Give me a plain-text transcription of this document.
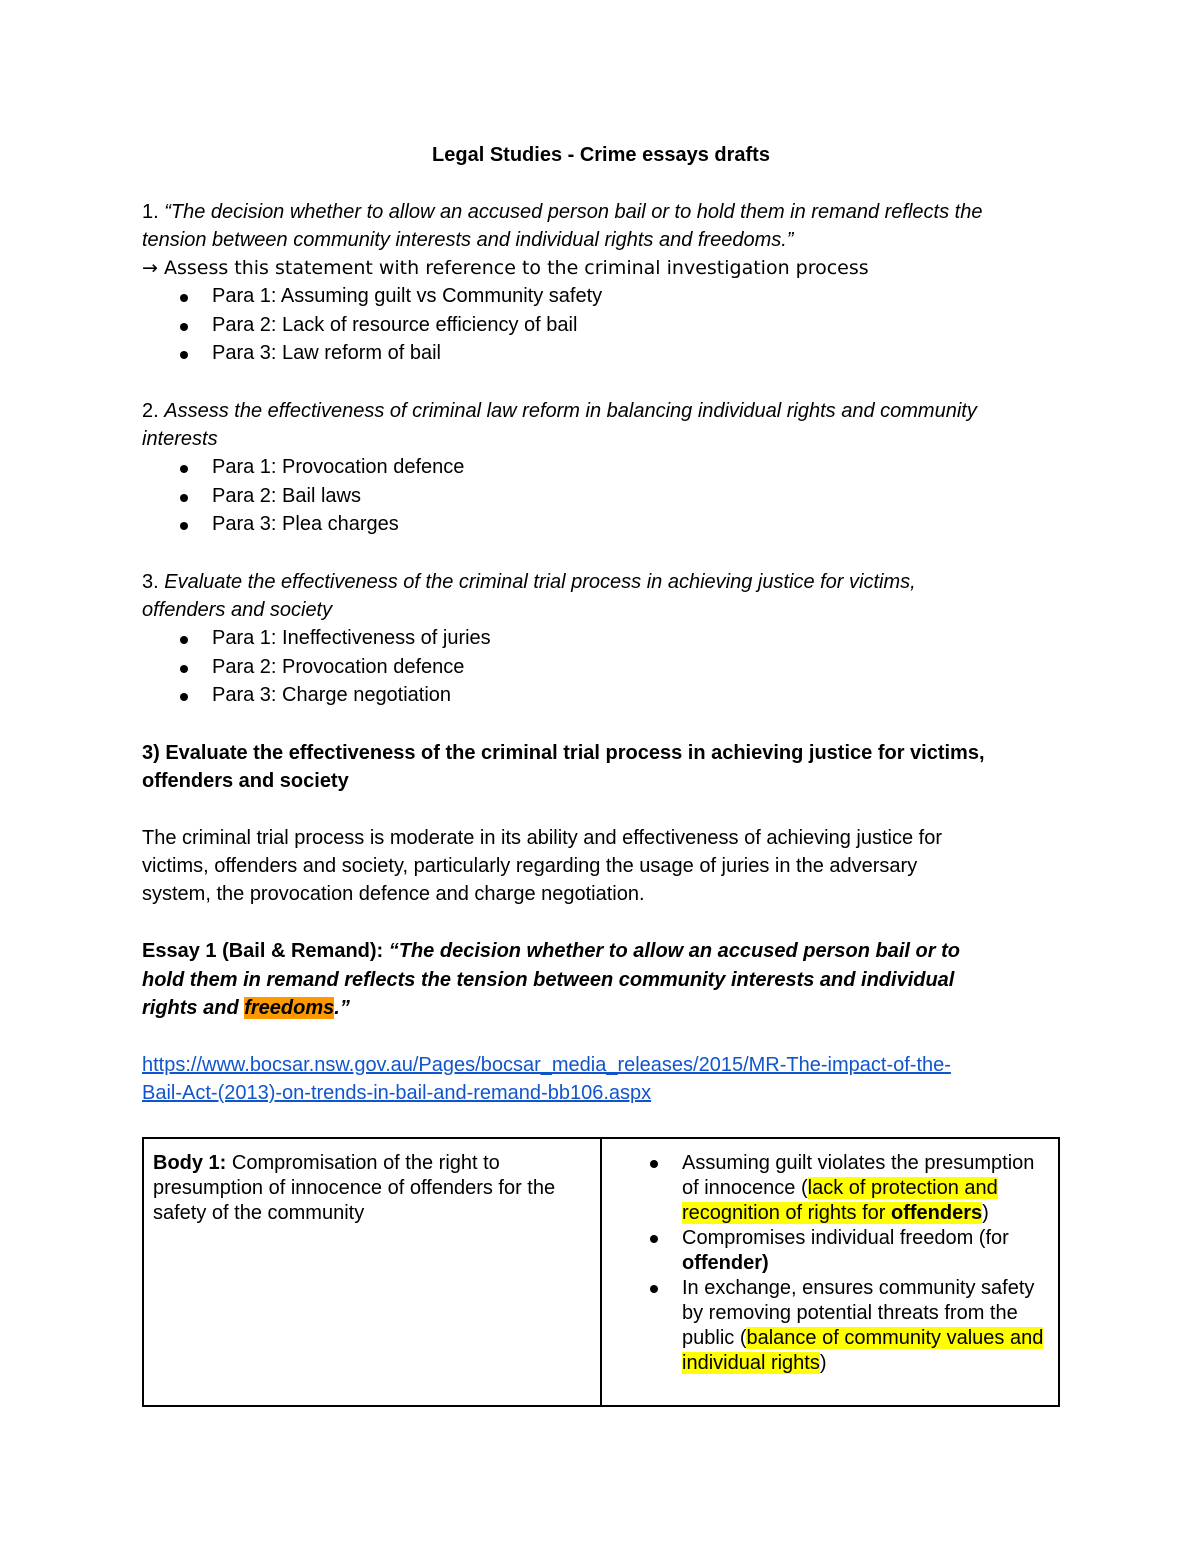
Legal Studies - Crime essays drafts
1. “The decision whether to allow an accused person bail or to hold them in remand reflects the
tension between community interests and individual rights and freedoms.”
→ Assess this statement with reference to the criminal investigation process
Para 1: Assuming guilt vs Community safety
Para 2: Lack of resource efficiency of bail
Para 3: Law reform of bail
2. Assess the effectiveness of criminal law reform in balancing individual rights and community
interests
Para 1: Provocation defence
Para 2: Bail laws
Para 3: Plea charges
3. Evaluate the effectiveness of the criminal trial process in achieving justice for victims,
offenders and society
Para 1: Ineffectiveness of juries
Para 2: Provocation defence
Para 3: Charge negotiation
3) Evaluate the effectiveness of the criminal trial process in achieving justice for victims,
offenders and society
The criminal trial process is moderate in its ability and effectiveness of achieving justice for
victims, offenders and society, particularly regarding the usage of juries in the adversary
system, the provocation defence and charge negotiation.
Essay 1 (Bail & Remand): “The decision whether to allow an accused person bail or to
hold them in remand reflects the tension between community interests and individual
rights and freedoms.”
https://www.bocsar.nsw.gov.au/Pages/bocsar_media_releases/2015/MR-The-impact-of-the-
Bail-Act-(2013)-on-trends-in-bail-and-remand-bb106.aspx
Body 1: Compromisation of the right to presumption of innocence of offenders for the safety of the community
Assuming guilt violates the presumption of innocence (lack of protection and recognition of rights for offenders)
Compromises individual freedom (for offender)
In exchange, ensures community safety by removing potential threats from the public (balance of community values and individual rights)
